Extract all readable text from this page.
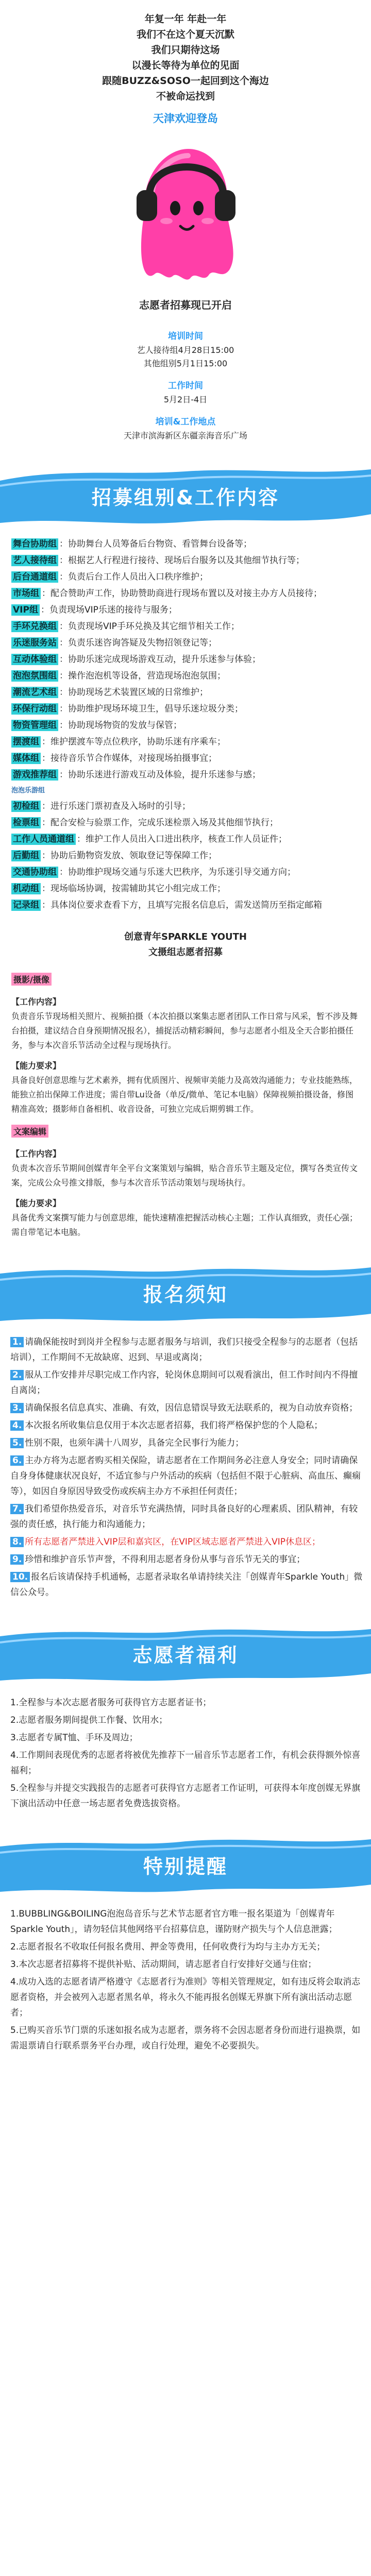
年复一年 年赴一年
我们不在这个夏天沉默
我们只期待这场
以漫长等待为单位的见面
跟随BUZZ&SOSO一起回到这个海边
不被命运找到
天津欢迎登岛
志愿者招募现已开启
培训时间
艺人接待组4月28日15:00
其他组别5月1日15:00
工作时间
5月2日-4日
培训&工作地点
天津市滨海新区东疆亲海音乐广场
招募组别&工作内容
舞台协助组 ：协助舞台人员筹备后台物资、看管舞台设备等；
艺人接待组 ：根据艺人行程进行接待、现场后台服务以及其他细节执行等；
后台通道组 ：负责后台工作人员出入口秩序维护；
市场组 ：配合赞助声工作，协助赞助商进行现场布置以及对接主办方人员接待；
VIP组 ：负责现场VIP乐迷的接待与服务；
手环兑换组 ：负责现场VIP手环兑换及其它细节相关工作；
乐迷服务站 ：负责乐迷咨询答疑及失物招领登记等；
互动体验组 ：协助乐迷完成现场游戏互动，提升乐迷参与体验；
泡泡氛围组 ：操作泡泡机等设备，营造现场泡泡氛围；
潮流艺术组 ：协助现场艺术装置区域的日常维护；
环保行动组 ：协助维护现场环境卫生，倡导乐迷垃圾分类；
物资管理组 ：协助现场物资的发放与保管；
摆渡组 ：维护摆渡车等点位秩序，协助乐迷有序乘车；
媒体组 ：接待音乐节合作媒体，对接现场拍摄事宜；
游戏推荐组 ：协助乐迷进行游戏互动及体验，提升乐迷参与感；
泡泡乐游组
初检组 ：进行乐迷门票初查及入场时的引导；
检票组 ：配合安检与验票工作，完成乐迷检票入场及其他细节执行；
工作人员通道组 ：维护工作人员出入口进出秩序，核查工作人员证件；
后勤组 ：协助后勤物资发放、领取登记等保障工作；
交通协助组 ：协助维护现场交通与乐迷大巴秩序，为乐迷引导交通方向；
机动组 ：现场临场协调，按需辅助其它小组完成工作；
记录组 ：具体岗位要求查看下方，且填写完报名信息后，需发送简历至指定邮箱
创意青年SPARKLE YOUTH
文摄组志愿者招募
摄影/摄像
【工作内容】
负责音乐节现场相关照片、视频拍摄（本次拍摄以案集志愿者团队工作日常与风采，暂不涉及舞台拍摄，建议结合自身预期情况报名），捕捉活动精彩瞬间，参与志愿者小组及全天合影拍摄任务，参与本次音乐节活动全过程与现场执行。
【能力要求】
具备良好创意思维与艺术素养，拥有优质图片、视频审美能力及高效沟通能力；专业技能熟练，能独立拍出保障工作进度；需自带Lu设备（单反/微单、笔记本电脑）保障视频拍摄设备，修图精准高效；摄影师自备相机、收音设备，可独立完成后期剪辑工作。
文案编辑
【工作内容】
负责本次音乐节期间创媒青年全平台文案策划与编辑，贴合音乐节主题及定位，撰写各类宣传文案，完成公众号推文排版，参与本次音乐节活动策划与现场执行。
【能力要求】
具备优秀文案撰写能力与创意思维，能快速精准把握活动核心主题；工作认真细致，责任心强；需自带笔记本电脑。
报名须知
1. 请确保能按时到岗并全程参与志愿者服务与培训，我们只接受全程参与的志愿者（包括培训），工作期间不无故缺席、迟到、早退或离岗；
2. 服从工作安排并尽职完成工作内容，轮岗休息期间可以观看演出，但工作时间内不得擅自离岗；
3. 请确保报名信息真实、准确、有效，因信息错误导致无法联系的，视为自动放弃资格；
4. 本次报名所收集信息仅用于本次志愿者招募，我们将严格保护您的个人隐私；
5. 性别不限，也须年满十八周岁，具备完全民事行为能力；
6. 主办方将为志愿者购买相关保险，请志愿者在工作期间务必注意人身安全；同时请确保自身身体健康状况良好，不适宜参与户外活动的疾病（包括但不限于心脏病、高血压、癫痫等），如因自身原因导致受伤或疾病主办方不承担任何责任；
7. 我们希望你热爱音乐，对音乐节充满热情，同时具备良好的心理素质、团队精神，有较强的责任感，执行能力和沟通能力；
8. 所有志愿者严禁进入VIP层和嘉宾区，在VIP区域志愿者严禁进入VIP休息区；
9. 珍惜和维护音乐节声誉，不得利用志愿者身份从事与音乐节无关的事宜；
10. 报名后该请保持手机通畅，志愿者录取名单请持续关注「创媒青年Sparkle Youth」微信公众号。
志愿者福利
1.全程参与本次志愿者服务可获得官方志愿者证书；
2.志愿者服务期间提供工作餐、饮用水；
3.志愿者专属T恤、手环及周边；
4.工作期间表现优秀的志愿者将被优先推荐下一届音乐节志愿者工作，有机会获得额外惊喜福利；
5.全程参与并提交实践报告的志愿者可获得官方志愿者工作证明，可获得本年度创媒无界旗下演出活动中任意一场志愿者免费选拔资格。
特别提醒
1.BUBBLING&BOILING泡泡岛音乐与艺术节志愿者官方唯一报名渠道为「创媒青年Sparkle Youth」，请勿轻信其他网络平台招募信息，谨防财产损失与个人信息泄露；
2.志愿者报名不收取任何报名费用、押金等费用，任何收费行为均与主办方无关；
3.本次志愿者招募将不提供补贴、活动期间，请志愿者自行安排好交通与住宿；
4.成功入选的志愿者请严格遵守《志愿者行为准则》等相关管理规定，如有违反将会取消志愿者资格，并会被列入志愿者黑名单，将永久不能再报名创媒无界旗下所有演出活动志愿者；
5.已购买音乐节门票的乐迷如报名成为志愿者，票务将不会因志愿者身份而进行退换票，如需退票请自行联系票务平台办理，或自行处理，避免不必要损失。
